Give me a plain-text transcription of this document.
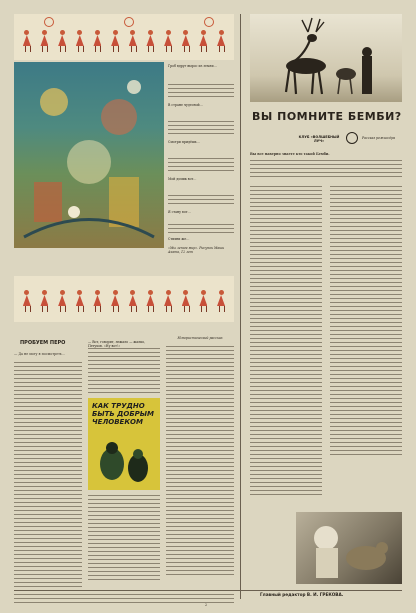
Гроб вдруг вырос из земли…
В стране чудесной…
Смотри придёшь…
Мой домик вот…
Я стану вот…
Стихни же…
«Мы лепим мир». Рисунок Маши Ахата, 12 лет
ПРОБУЕМ ПЕРО
— Да не могу я посмотреть…
— Вот, говорит, лежало — жалко, Петухов. «Ну вот!»
КАК ТРУДНО БЫТЬ ДОБРЫМ ЧЕЛОВЕКОМ
Юмористический рассказ
ВЫ ПОМНИТЕ БЕМБИ?
КЛУБ «ВОЛШЕБНЫЙ ЛУЧ»
Рассказ режиссёра
Вы все наверно знаете кто такой Бемби.
Главный редактор В. И. ГРЕКОВА.
2
